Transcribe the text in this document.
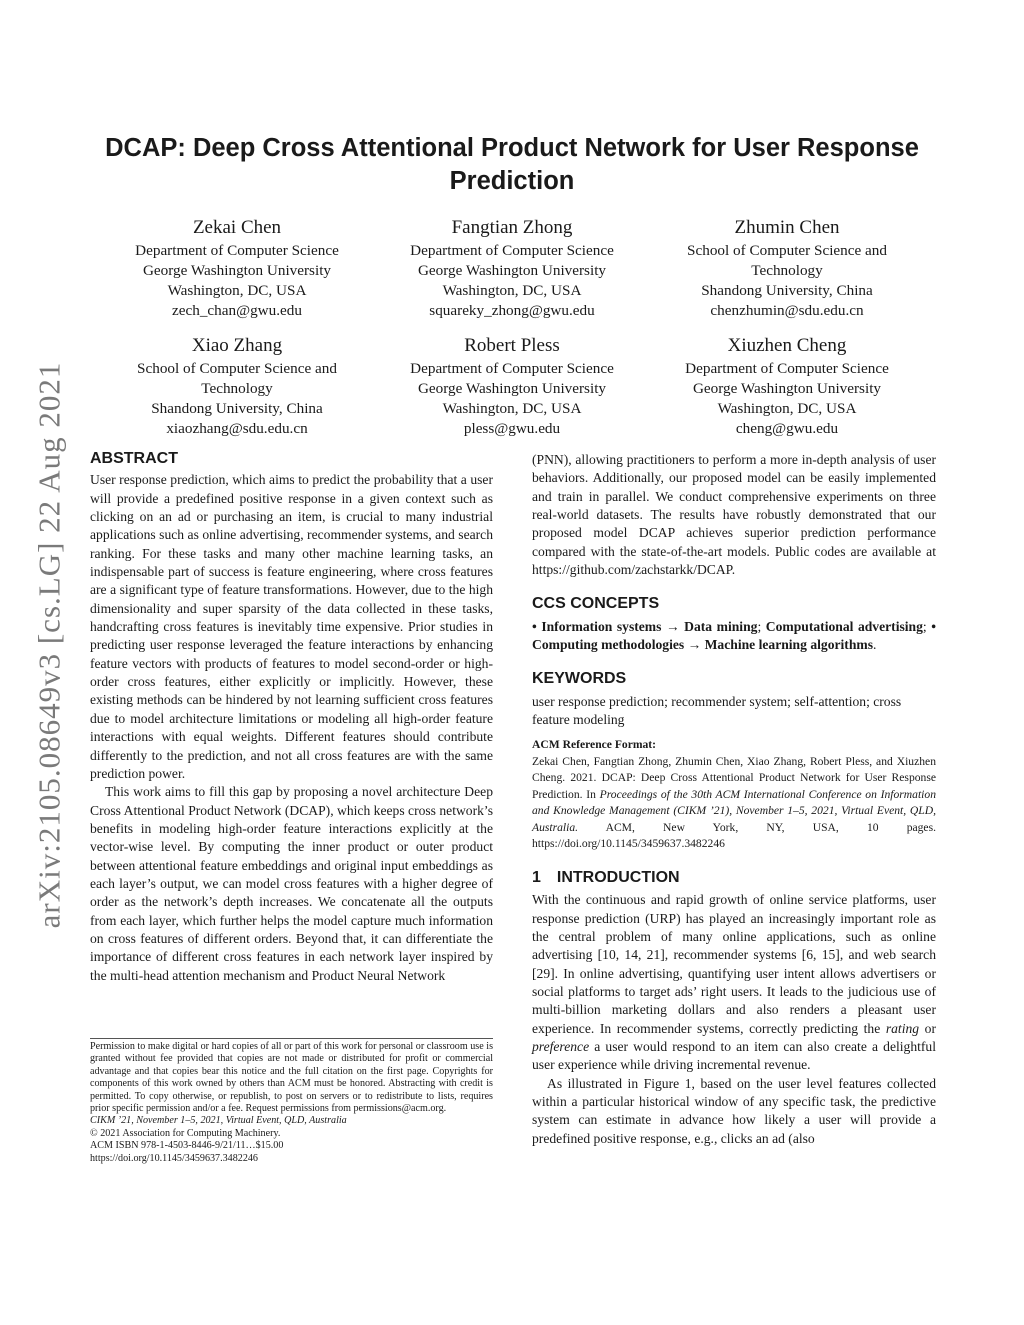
arXiv:2105.08649v3 [cs.LG] 22 Aug 2021
DCAP: Deep Cross Attentional Product Network for User Response Prediction
Zekai Chen
Department of Computer Science
George Washington University
Washington, DC, USA
zech_chan@gwu.edu
Fangtian Zhong
Department of Computer Science
George Washington University
Washington, DC, USA
squareky_zhong@gwu.edu
Zhumin Chen
School of Computer Science and
Technology
Shandong University, China
chenzhumin@sdu.edu.cn
Xiao Zhang
School of Computer Science and
Technology
Shandong University, China
xiaozhang@sdu.edu.cn
Robert Pless
Department of Computer Science
George Washington University
Washington, DC, USA
pless@gwu.edu
Xiuzhen Cheng
Department of Computer Science
George Washington University
Washington, DC, USA
cheng@gwu.edu
ABSTRACT

User response prediction, which aims to predict the probability that a user will provide a predefined positive response in a given context such as clicking on an ad or purchasing an item, is crucial to many industrial applications such as online advertising, recommender systems, and search ranking. For these tasks and many other machine learning tasks, an indispensable part of success is feature engineering, where cross features are a significant type of feature transformations. However, due to the high dimensionality and super sparsity of the data collected in these tasks, handcrafting cross features is inevitably time expensive. Prior studies in predicting user response leveraged the feature interactions by enhancing feature vectors with products of features to model second-order or high-order cross features, either explicitly or implicitly. However, these existing methods can be hindered by not learning sufficient cross features due to model architecture limitations or modeling all high-order feature interactions with equal weights. Different features should contribute differently to the prediction, and not all cross features are with the same prediction power.

This work aims to fill this gap by proposing a novel architecture Deep Cross Attentional Product Network (DCAP), which keeps cross network’s benefits in modeling high-order feature interactions explicitly at the vector-wise level. By computing the inner product or outer product between attentional feature embeddings and original input embeddings as each layer’s output, we can model cross features with a higher degree of order as the network’s depth increases. We concatenate all the outputs from each layer, which further helps the model capture much information on cross features of different orders. Beyond that, it can differentiate the importance of different cross features in each network layer inspired by the multi-head attention mechanism and Product Neural Network

Permission to make digital or hard copies of all or part of this work for personal or classroom use is granted without fee provided that copies are not made or distributed for profit or commercial advantage and that copies bear this notice and the full citation on the first page. Copyrights for components of this work owned by others than ACM must be honored. Abstracting with credit is permitted. To copy otherwise, or republish, to post on servers or to redistribute to lists, requires prior specific permission and/or a fee. Request permissions from permissions@acm.org.

CIKM ’21, November 1–5, 2021, Virtual Event, QLD, Australia

© 2021 Association for Computing Machinery.

ACM ISBN 978-1-4503-8446-9/21/11…$15.00

https://doi.org/10.1145/3459637.3482246

(PNN), allowing practitioners to perform a more in-depth analysis of user behaviors. Additionally, our proposed model can be easily implemented and train in parallel. We conduct comprehensive experiments on three real-world datasets. The results have robustly demonstrated that our proposed model DCAP achieves superior prediction performance compared with the state-of-the-art models. Public codes are available at https://github.com/zachstarkk/DCAP.

CCS CONCEPTS

• Information systems → Data mining; Computational advertising; • Computing methodologies → Machine learning algorithms.

KEYWORDS

user response prediction; recommender system; self-attention; cross feature modeling

ACM Reference Format:
Zekai Chen, Fangtian Zhong, Zhumin Chen, Xiao Zhang, Robert Pless, and Xiuzhen Cheng. 2021. DCAP: Deep Cross Attentional Product Network for User Response Prediction. In Proceedings of the 30th ACM International Conference on Information and Knowledge Management (CIKM ’21), November 1–5, 2021, Virtual Event, QLD, Australia. ACM, New York, NY, USA, 10 pages. https://doi.org/10.1145/3459637.3482246
1 INTRODUCTION

With the continuous and rapid growth of online service platforms, user response prediction (URP) has played an increasingly important role as the central problem of many online applications, such as online advertising [10, 14, 21], recommender systems [6, 15], and web search [29]. In online advertising, quantifying user intent allows advertisers or social platforms to target ads’ right users. It leads to the judicious use of multi-billion marketing dollars and also renders a pleasant user experience. In recommender systems, correctly predicting the rating or preference a user would respond to an item can also create a delightful user experience while driving incremental revenue.

As illustrated in Figure 1, based on the user level features collected within a particular historical window of any specific task, the predictive system can estimate in advance how likely a user will provide a predefined positive response, e.g., clicks an ad (also
